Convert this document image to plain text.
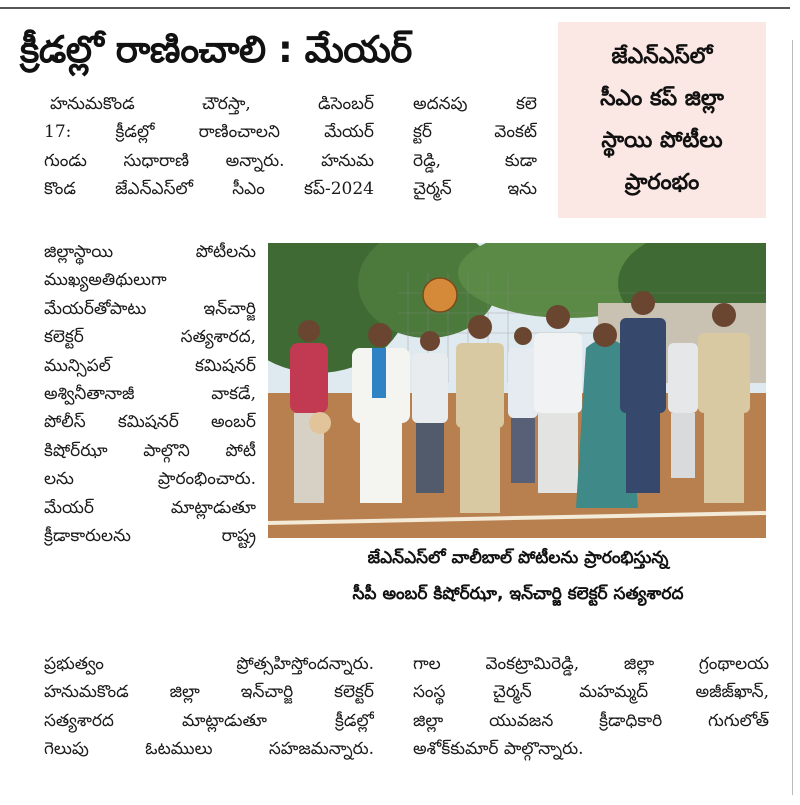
క్రీడల్లో రాణించాలి : మేయర్	జేఎన్ఎస్‌లో
సీఎం కప్ జిల్లా
స్థాయి పోటీలు
ప్రారంభం
హనుమకొండ చౌరస్తా, డిసెంబర్
17: క్రీడల్లో రాణించాలని మేయర్
గుండు సుధారాణి అన్నారు. హనుమ
కొండ జేఎన్ఎస్‌లో సీఎం కప్-2024
అదనపు కలె
క్టర్ వెంకట్
రెడ్డి, కుడా
చైర్మన్ ఇను
జిల్లాస్థాయి పోటీలను
ముఖ్యఅతిథులుగా
మేయర్‌తోపాటు ఇన్‌చార్జి
కలెక్టర్ సత్యశారద,
మున్సిపల్ కమిషనర్
అశ్వినీతానాజీ వాకడే,
పోలీస్ కమిషనర్ అంబర్
కిషోర్‌ఝా పాల్గొని పోటీ
లను ప్రారంభించారు.
మేయర్ మాట్లాడుతూ
క్రీడాకారులను రాష్ట్ర
ప్రభుత్వం ప్రోత్సహిస్తోందన్నారు.
హనుమకొండ జిల్లా ఇన్‌చార్జి కలెక్టర్
సత్యశారద మాట్లాడుతూ క్రీడల్లో
గెలుపు ఓటములు సహజమన్నారు.
గాల వెంకట్రామిరెడ్డి, జిల్లా గ్రంథాలయ
సంస్థ చైర్మన్ మహమ్మద్ అజీజ్‌ఖాన్,
జిల్లా యువజన క్రీడాధికారి గుగులోత్
అశోక్‌కుమార్ పాల్గొన్నారు.
జేఎన్ఎస్‌లో వాలీబాల్ పోటీలను ప్రారంభిస్తున్న
సీపీ అంబర్ కిషోర్‌ఝా, ఇన్‌చార్జి కలెక్టర్ సత్యశారద
